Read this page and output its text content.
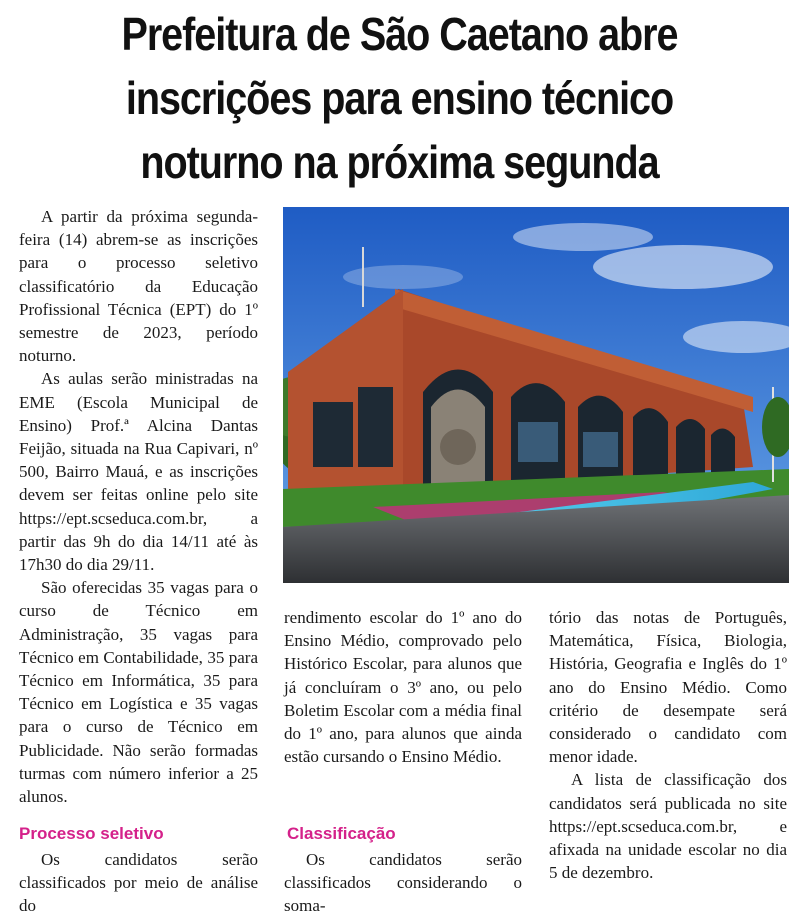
Prefeitura de São Caetano abre inscrições para ensino técnico noturno na próxima segunda

A partir da próxima segunda-feira (14) abrem-se as inscrições para o processo seletivo classificatório da Educação Profissional Técnica (EPT) do 1º semestre de 2023, período noturno.

As aulas serão ministradas na EME (Escola Municipal de Ensino) Prof.ª Alcina Dantas Feijão, situada na Rua Capivari, nº 500, Bairro Mauá, e as inscrições devem ser feitas online pelo site https://ept.scseduca.com.br, a partir das 9h do dia 14/11 até às 17h30 do dia 29/11.

São oferecidas 35 vagas para o curso de Técnico em Administração, 35 vagas para Técnico em Contabilidade, 35 para Técnico em Informática, 35 para Técnico em Logística e 35 vagas para o curso de Técnico em Publicidade. Não serão formadas turmas com número inferior a 25 alunos.

Processo seletivo

Os candidatos serão classificados por meio de análise do

rendimento escolar do 1º ano do Ensino Médio, comprovado pelo Histórico Escolar, para alunos que já concluíram o 3º ano, ou pelo Boletim Escolar com a média final do 1º ano, para alunos que ainda estão cursando o Ensino Médio.

Classificação

Os candidatos serão classificados considerando o soma-

tório das notas de Português, Matemática, Física, Biologia, História, Geografia e Inglês do 1º ano do Ensino Médio. Como critério de desempate será considerado o candidato com menor idade.

A lista de classificação dos candidatos será publicada no site https://ept.scseduca.com.br, e afixada na unidade escolar no dia 5 de dezembro.
